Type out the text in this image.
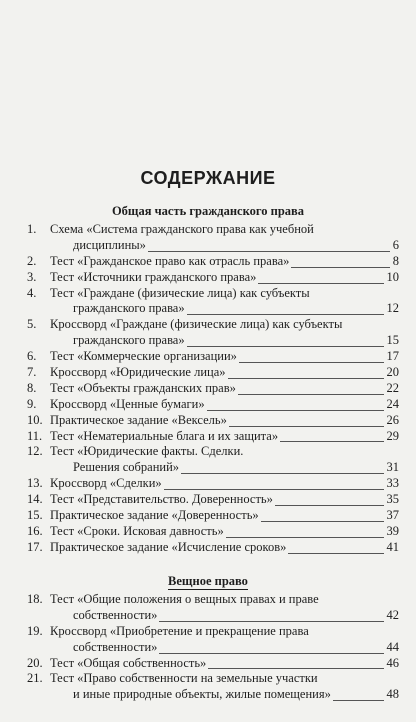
СОДЕРЖАНИЕ
Общая часть гражданского права
1.	Схема «Система гражданского права как учебной
дисциплины»	6
2.	Тест «Гражданское право как отрасль права»	8
3.	Тест «Источники гражданского права»	10
4.	Тест «Граждане (физические лица) как субъекты
гражданского права»	12
5.	Кроссворд «Граждане (физические лица) как субъекты
гражданского права»	15
6.	Тест «Коммерческие организации»	17
7.	Кроссворд «Юридические лица»	20
8.	Тест «Объекты гражданских прав»	22
9.	Кроссворд «Ценные бумаги»	24
10. Практическое задание «Вексель»	26
11. Тест «Нематериальные блага и их защита»	29
12. Тест «Юридические факты. Сделки.
Решения собраний»	31
13. Кроссворд «Сделки»	33
14. Тест «Представительство. Доверенность»	35
15. Практическое задание «Доверенность»	37
16. Тест «Сроки. Исковая давность»	39
17. Практическое задание «Исчисление сроков»	41
Вещное право
18. Тест «Общие положения о вещных правах и праве
собственности»	42
19. Кроссворд «Приобретение и прекращение права
собственности»	44
20. Тест «Общая собственность»	46
21. Тест «Право собственности на земельные участки
и иные природные объекты, жилые помещения»	48
